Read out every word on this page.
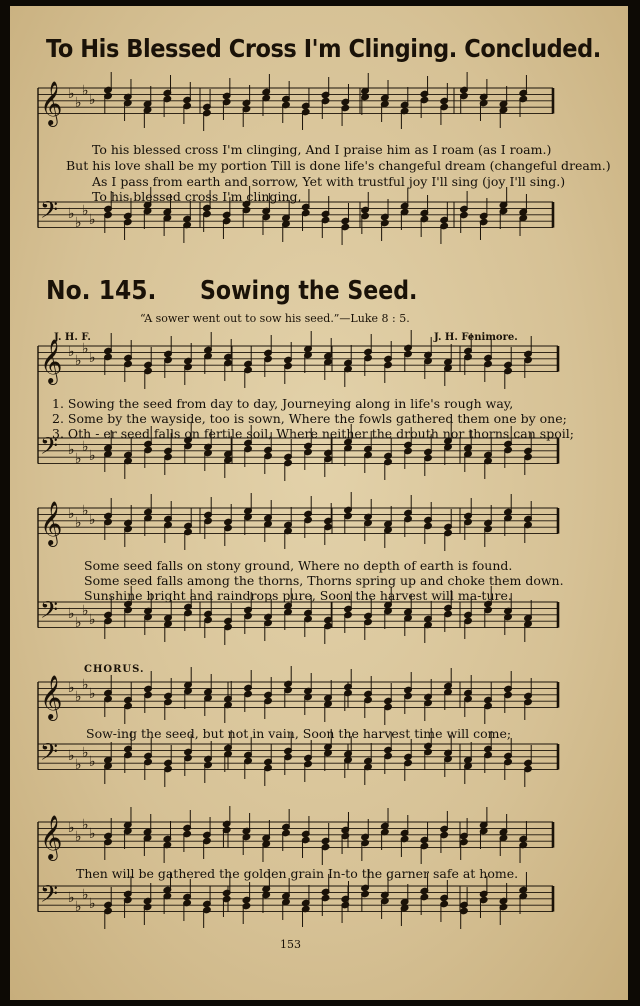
𝄞 ♭
♭
♭
♭
𝄢 ♭
♭
♭
♭
𝄞 ♭
♭
♭
♭
𝄢 ♭
♭
♭
♭
𝄞 ♭
♭
♭
♭
𝄢 ♭
♭
♭
♭
𝄞 ♭
♭
♭
♭
𝄢 ♭
♭
♭
♭
𝄞 ♭
♭
♭
♭
𝄢 ♭
♭
♭
♭
To His Blessed Cross I'm Clinging. Concluded.
To his blessed cross I'm clinging, And I praise him as I roam (as I roam.)
But his love shall be my portion Till is done life's changeful dream (changeful dream.)
As I pass from earth and sorrow, Yet with trustful joy I'll sing (joy I'll sing.)
To his blessed cross I'm clinging,
No. 145. Sowing the Seed.
“A sower went out to sow his seed.”—Luke 8 : 5.
J. H. F.	J. H. Fenimore.
1. Sowing the seed from day to day, Journeying along in life's rough way,
2. Some by the wayside, too is sown, Where the fowls gathered them one by one;
3. Oth - er seed falls on fertile soil, Where neither the drouth nor thorns can spoil;
Some seed falls on stony ground, Where no depth of earth is found.
Some seed falls among the thorns, Thorns spring up and choke them down.
Sunshine bright and raindrops pure, Soon the harvest will ma-ture.
CHORUS.
Sow-ing the seed, but not in vain, Soon the harvest time will come;
Then will be gathered the golden grain In-to the garner safe at home.
153
